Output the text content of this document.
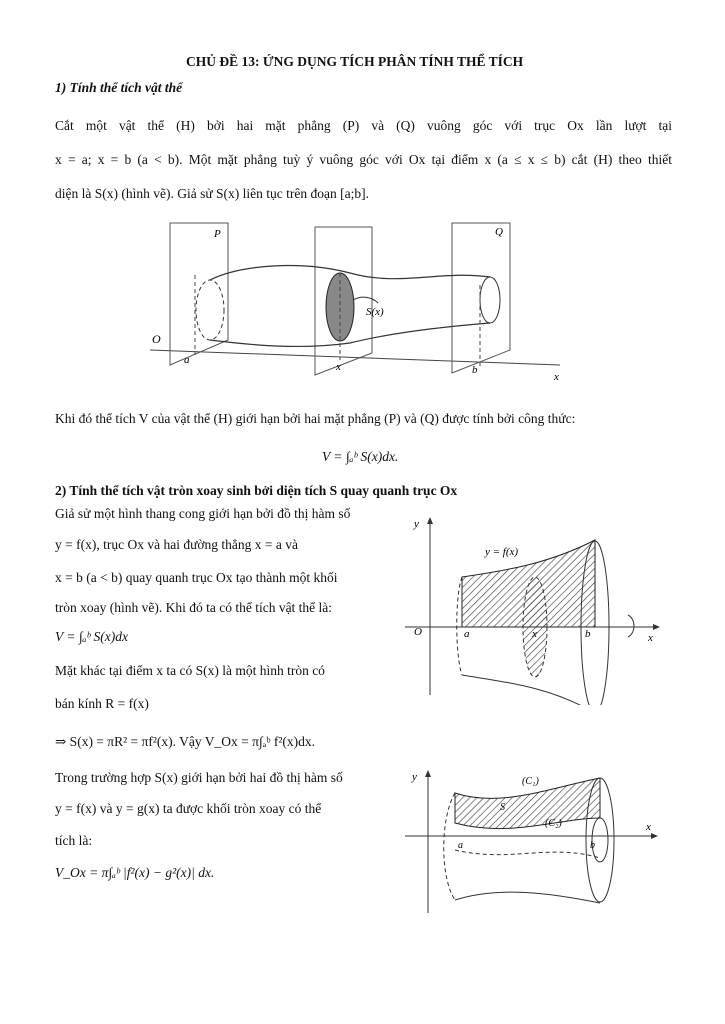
CHỦ ĐỀ 13: ỨNG DỤNG TÍCH PHÂN TÍNH THỂ TÍCH
1) Tính thể tích vật thể
Cắt một vật thể (H) bởi hai mặt phẳng (P) và (Q) vuông góc với trục Ox lần lượt tại
x = a; x = b (a < b). Một mặt phẳng tuỳ ý vuông góc với Ox tại điểm x (a ≤ x ≤ b) cắt (H) theo thiết
diện là S(x) (hình vẽ). Giả sử S(x) liên tục trên đoạn [a;b].
P	Q
O
a
x	b
x
S(x)
Khi đó thể tích V của vật thể (H) giới hạn bởi hai mặt phẳng (P) và (Q) được tính bởi công thức:
V = ∫ₐᵇ S(x)dx.
2) Tính thể tích vật tròn xoay sinh bởi diện tích S quay quanh trục Ox
Giả sử một hình thang cong giới hạn bởi đồ thị hàm số
y = f(x), trục Ox và hai đường thẳng x = a và
x = b (a < b) quay quanh trục Ox tạo thành một khối
tròn xoay (hình vẽ). Khi đó ta có thể tích vật thể là:
V = ∫ₐᵇ S(x)dx
Mặt khác tại điểm x ta có S(x) là một hình tròn có
bán kính R = f(x)
⇒ S(x) = πR² = πf²(x). Vậy V_Ox = π∫ₐᵇ f²(x)dx.
Trong trường hợp S(x) giới hạn bởi hai đồ thị hàm số
y = f(x) và y = g(x) ta được khối tròn xoay có thể
tích là:
V_Ox = π∫ₐᵇ |f²(x) − g²(x)| dx.
y
y = f(x)
O	a	x	b	x
y	(C₁)
(C₂)
S
a	b
x
